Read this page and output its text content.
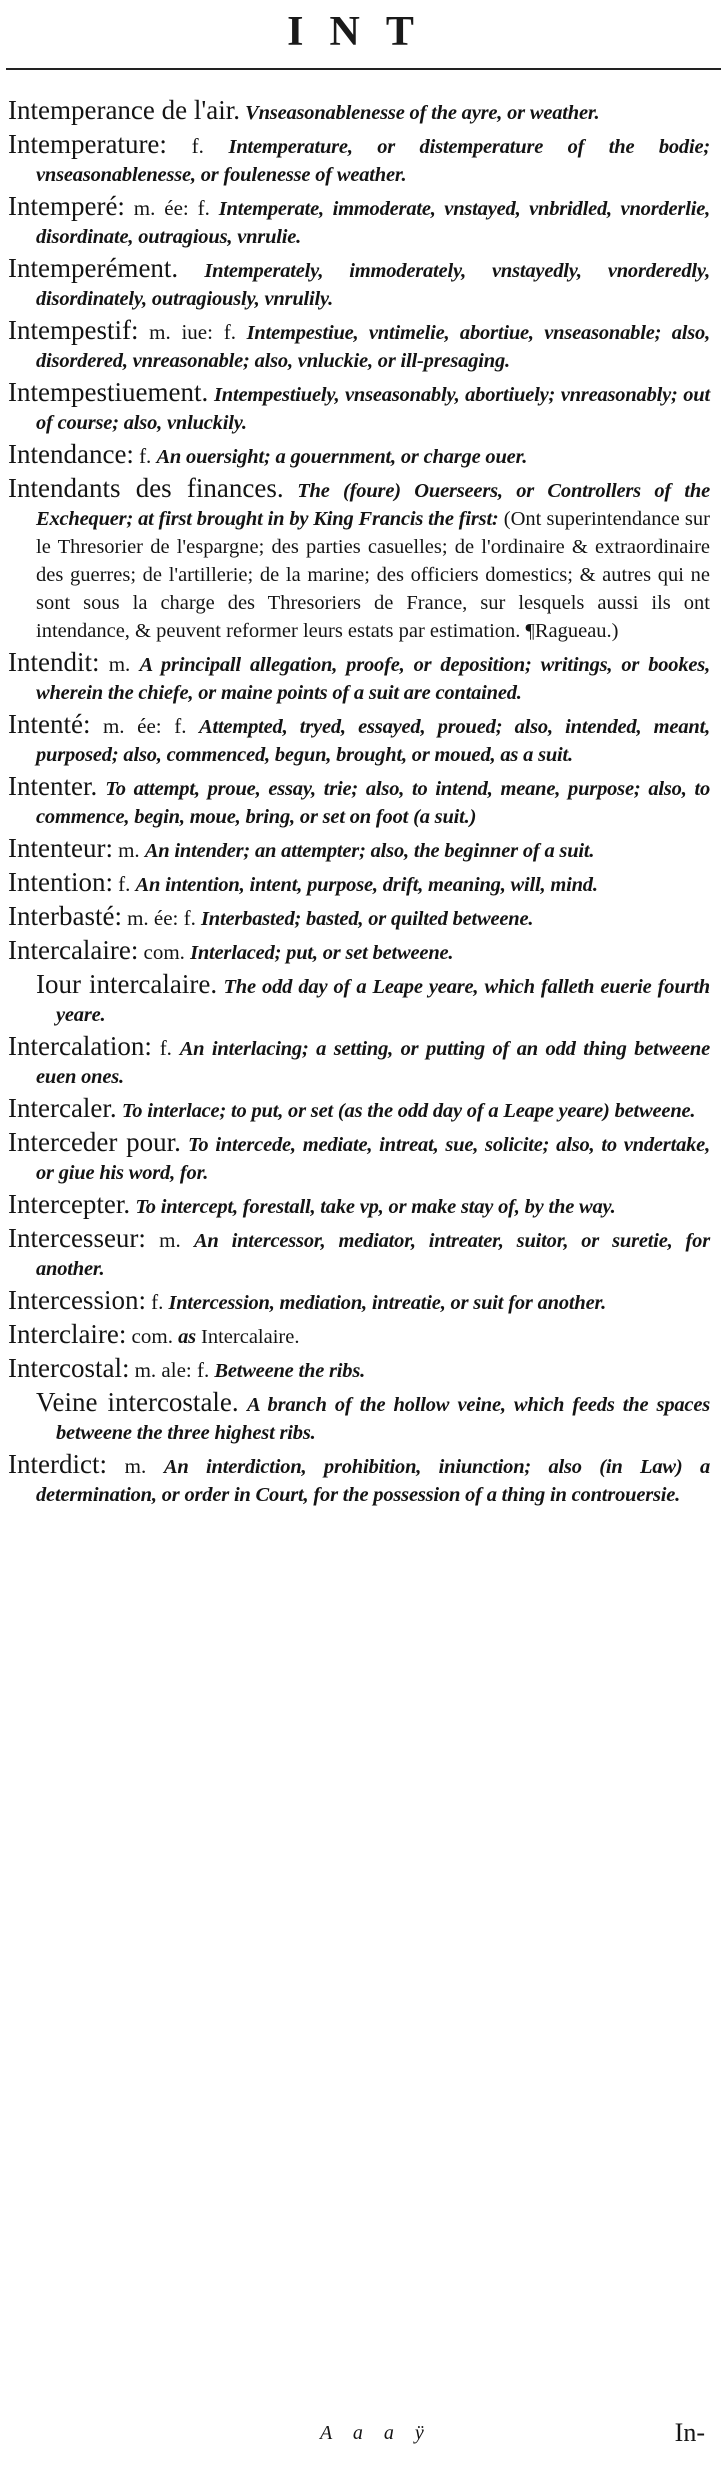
INT
Intemperance de l'air. Vnseasonablenesse of the ayre, or weather.
Intemperature: f. Intemperature, or distemperature of the bodie; vnseasonablenesse, or foulenesse of weather.
Intemperé: m. ée: f. Intemperate, immoderate, vnstayed, vnbridled, vnorderlie, disordinate, outragious, vnrulie.
Intemperément. Intemperately, immoderately, vnstayedly, vnorderedly, disordinately, outragiously, vnrulily.
Intempestif: m. iue: f. Intempestiue, vntimelie, abortiue, vnseasonable; also, disordered, vnreasonable; also, vnluckie, or ill-presaging.
Intempestiuement. Intempestiuely, vnseasonably, abortiuely; vnreasonably; out of course; also, vnluckily.
Intendance: f. An ouersight; a gouernment, or charge ouer.
Intendants des finances. The (foure) Ouerseers, or Controllers of the Exchequer; at first brought in by King Francis the first: (Ont superintendance sur le Thresorier de l'espargne; des parties casuelles; de l'ordinaire & extraordinaire des guerres; de l'artillerie; de la marine; des officiers domestics; & autres qui ne sont sous la charge des Thresoriers de France, sur lesquels aussi ils ont intendance, & peuvent reformer leurs estats par estimation. ¶Ragueau.)
Intendit: m. A principall allegation, proofe, or deposition; writings, or bookes, wherein the chiefe, or maine points of a suit are contained.
Intenté: m. ée: f. Attempted, tryed, essayed, proued; also, intended, meant, purposed; also, commenced, begun, brought, or moued, as a suit.
Intenter. To attempt, proue, essay, trie; also, to intend, meane, purpose; also, to commence, begin, moue, bring, or set on foot (a suit.)
Intenteur: m. An intender; an attempter; also, the beginner of a suit.
Intention: f. An intention, intent, purpose, drift, meaning, will, mind.
Interbasté: m. ée: f. Interbasted; basted, or quilted betweene.
Intercalaire: com. Interlaced; put, or set betweene.
Iour intercalaire. The odd day of a Leape yeare, which falleth euerie fourth yeare.
Intercalation: f. An interlacing; a setting, or putting of an odd thing betweene euen ones.
Intercaler. To interlace; to put, or set (as the odd day of a Leape yeare) betweene.
Interceder pour. To intercede, mediate, intreat, sue, solicite; also, to vndertake, or giue his word, for.
Intercepter. To intercept, forestall, take vp, or make stay of, by the way.
Intercesseur: m. An intercessor, mediator, intreater, suitor, or suretie, for another.
Intercession: f. Intercession, mediation, intreatie, or suit for another.
Interclaire: com. as Intercalaire.
Intercostal: m. ale: f. Betweene the ribs.
Veine intercostale. A branch of the hollow veine, which feeds the spaces betweene the three highest ribs.
Interdict: m. An interdiction, prohibition, iniunction; also (in Law) a determination, or order in Court, for the possession of a thing in controuersie.
A a a ÿ	In-
